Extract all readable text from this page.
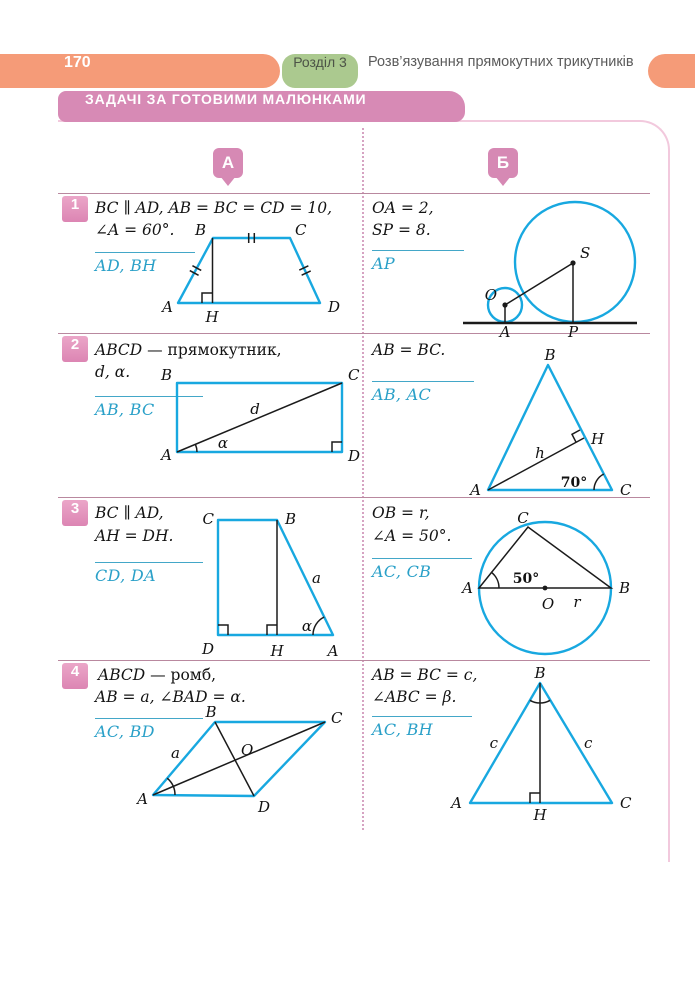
170	Розділ 3	Розв’язування прямокутних трикутників
ЗАДАЧІ ЗА ГОТОВИМИ МАЛЮНКАМИ
А	Б
1	BC ∥ AD, AB = BC = CD = 10,
∠A = 60°.
AD, BH
B	C
A	D
H
OA = 2,
SP = 8.
AP
O
S
A	P
2	ABCD — прямокутник,
d, α.
AB, BC
B	C
A	D
d
α
AB = BC.
AB, AC
B
A	C
H
h
70°
3	BC ∥ AD,
AH = DH.
CD, DA
C	B
D	H	A
a
α
OB = r,
∠A = 50°.
AC, CB
A	B
C
O r
50°
4	ABCD — ромб,
AB = a, ∠BAD = α.
AC, BD
B	C
A	D
O
a
AB = BC = c,
∠ABC = β.
AC, BH
B
A	C
H
c	c
